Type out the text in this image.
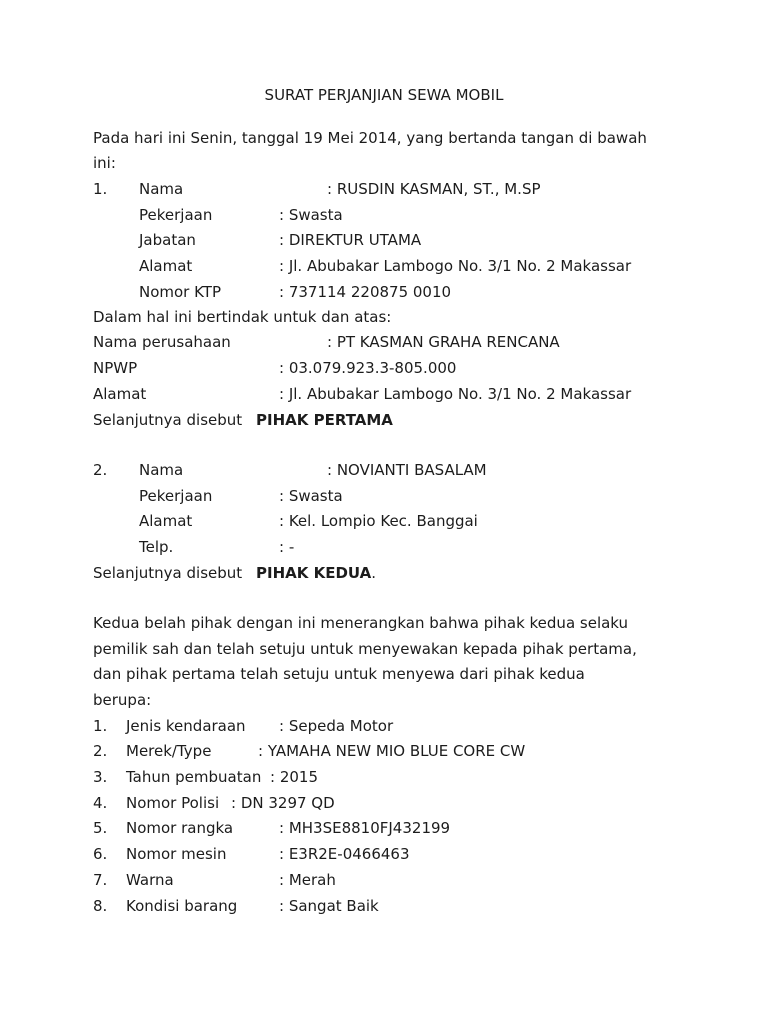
SURAT PERJANJIAN SEWA MOBIL
Pada hari ini Senin, tanggal 19 Mei 2014, yang bertanda tangan di bawah
ini:
1. Nama	: RUSDIN KASMAN, ST., M.SP
Pekerjaan	: Swasta
Jabatan	: DIREKTUR UTAMA
Alamat	: Jl. Abubakar Lambogo No. 3/1 No. 2 Makassar
Nomor KTP	: 737114 220875 0010
Dalam hal ini bertindak untuk dan atas:
Nama perusahaan	: PT KASMAN GRAHA RENCANA
NPWP	: 03.079.923.3-805.000
Alamat	: Jl. Abubakar Lambogo No. 3/1 No. 2 Makassar
Selanjutnya disebut PIHAK PERTAMA
2. Nama	: NOVIANTI BASALAM
Pekerjaan	: Swasta
Alamat	: Kel. Lompio Kec. Banggai
Telp.	: -
Selanjutnya disebut PIHAK KEDUA.
Kedua belah pihak dengan ini menerangkan bahwa pihak kedua selaku
pemilik sah dan telah setuju untuk menyewakan kepada pihak pertama,
dan pihak pertama telah setuju untuk menyewa dari pihak kedua
berupa:
1. Jenis kendaraan : Sepeda Motor
2. Merek/Type	: YAMAHA NEW MIO BLUE CORE CW
3. Tahun pembuatan : 2015
4. Nomor Polisi : DN 3297 QD
5. Nomor rangka	: MH3SE8810FJ432199
6. Nomor mesin	: E3R2E-0466463
7. Warna	: Merah
8. Kondisi barang	: Sangat Baik
